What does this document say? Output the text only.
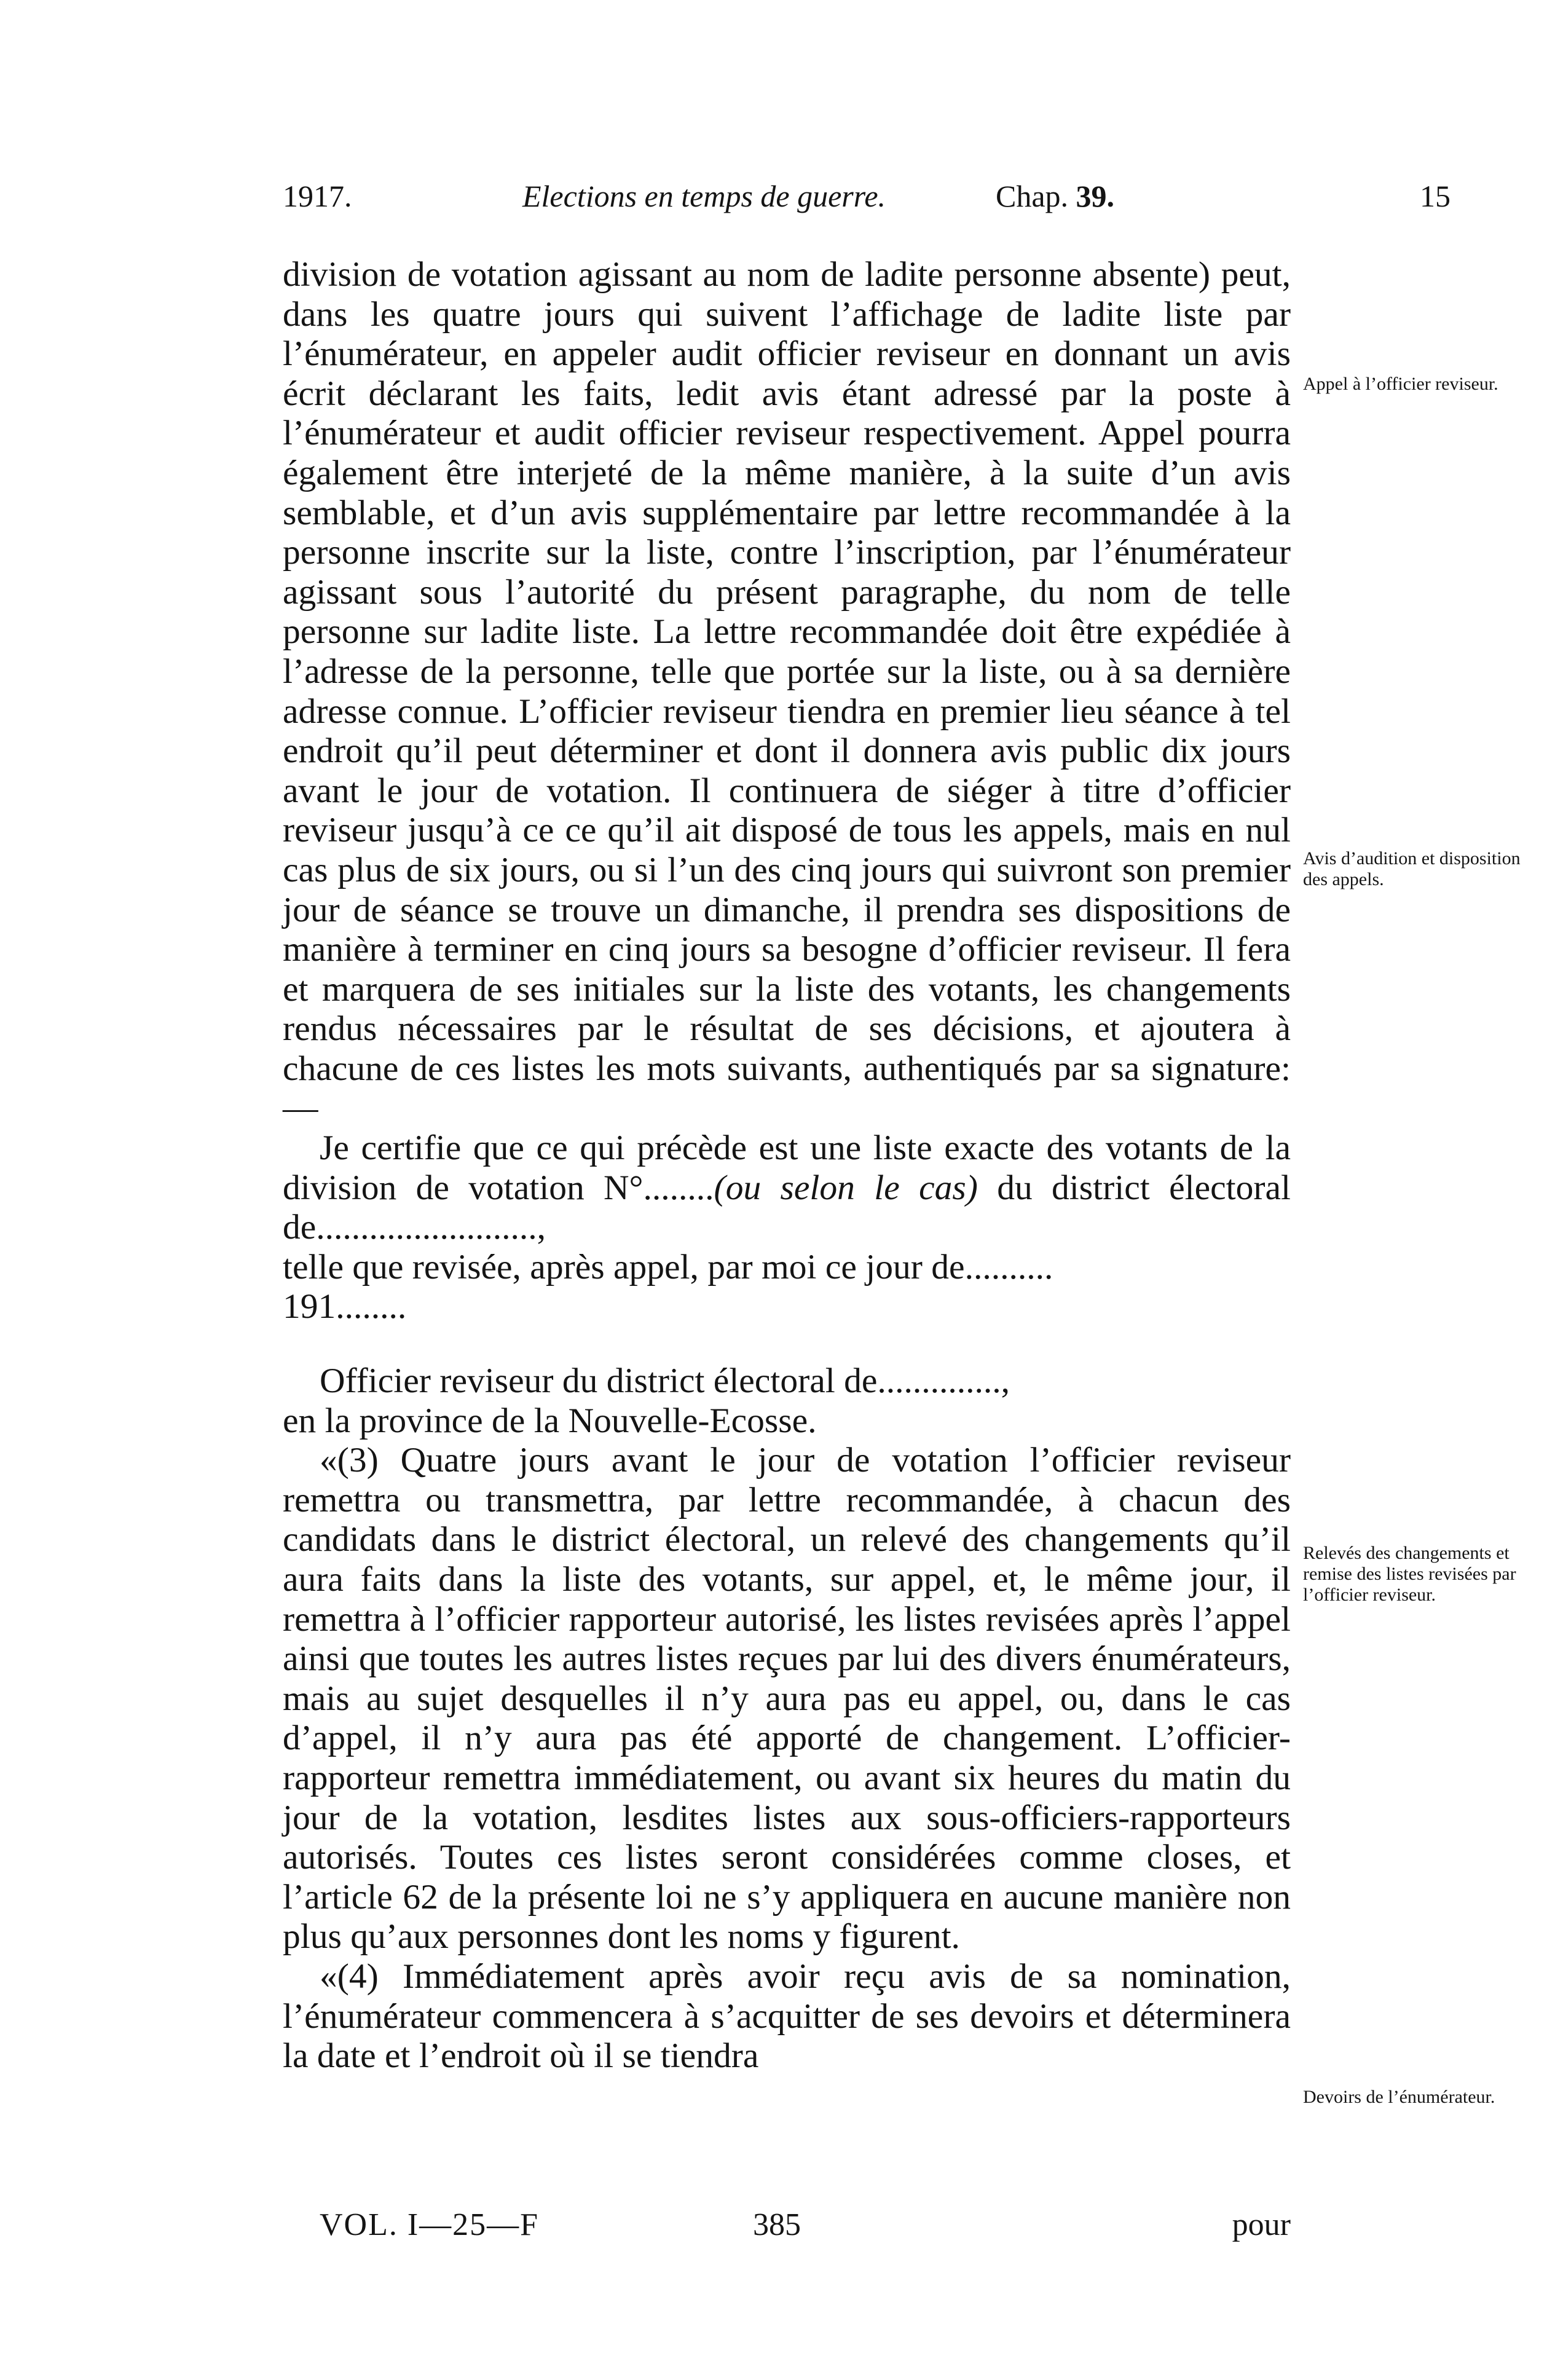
1917.	Elections en temps de guerre.	Chap. 39.	15

division de votation agissant au nom de ladite personne absente) peut, dans les quatre jours qui suivent l’affichage de ladite liste par l’énumérateur, en appeler audit officier reviseur en donnant un avis écrit déclarant les faits, ledit avis étant adressé par la poste à l’énumérateur et audit officier reviseur respectivement. Appel pourra également être interjeté de la même manière, à la suite d’un avis semblable, et d’un avis supplémentaire par lettre recommandée à la personne inscrite sur la liste, contre l’inscription, par l’énumérateur agissant sous l’autorité du présent paragraphe, du nom de telle personne sur ladite liste. La lettre recommandée doit être expédiée à l’adresse de la personne, telle que portée sur la liste, ou à sa dernière adresse connue. L’officier reviseur tiendra en premier lieu séance à tel endroit qu’il peut déterminer et dont il donnera avis public dix jours avant le jour de votation. Il continuera de siéger à titre d’officier reviseur jusqu’à ce ce qu’il ait disposé de tous les appels, mais en nul cas plus de six jours, ou si l’un des cinq jours qui suivront son premier jour de séance se trouve un dimanche, il prendra ses dispositions de manière à terminer en cinq jours sa besogne d’officier reviseur. Il fera et marquera de ses initiales sur la liste des votants, les changements rendus nécessaires par le résultat de ses décisions, et ajoutera à chacune de ces listes les mots suivants, authentiqués par sa signature:—

Je certifie que ce qui précède est une liste exacte des votants de la division de votation N°........(ou selon le cas) du district électoral de.........................,

telle que revisée, après appel, par moi ce jour de..........
191........
Officier reviseur du district électoral de..............,
en la province de la Nouvelle-Ecosse.

«(3) Quatre jours avant le jour de votation l’officier reviseur remettra ou transmettra, par lettre recommandée, à chacun des candidats dans le district électoral, un relevé des changements qu’il aura faits dans la liste des votants, sur appel, et, le même jour, il remettra à l’officier rapporteur autorisé, les listes revisées après l’appel ainsi que toutes les autres listes reçues par lui des divers énumérateurs, mais au sujet desquelles il n’y aura pas eu appel, ou, dans le cas d’appel, il n’y aura pas été apporté de changement. L’officier-rapporteur remettra immédiatement, ou avant six heures du matin du jour de la votation, lesdites listes aux sous-officiers-rapporteurs autorisés. Toutes ces listes seront considérées comme closes, et l’article 62 de la présente loi ne s’y appliquera en aucune manière non plus qu’aux personnes dont les noms y figurent.

«(4) Immédiatement après avoir reçu avis de sa nomination, l’énumérateur commencera à s’acquitter de ses devoirs et déterminera la date et l’endroit où il se tiendra

Appel à l’officier reviseur.
Avis d’audition et disposition des appels.
Relevés des changements et remise des listes revisées par l’officier reviseur.
Devoirs de l’énumérateur.
VOL. I—25—F	385	pour
